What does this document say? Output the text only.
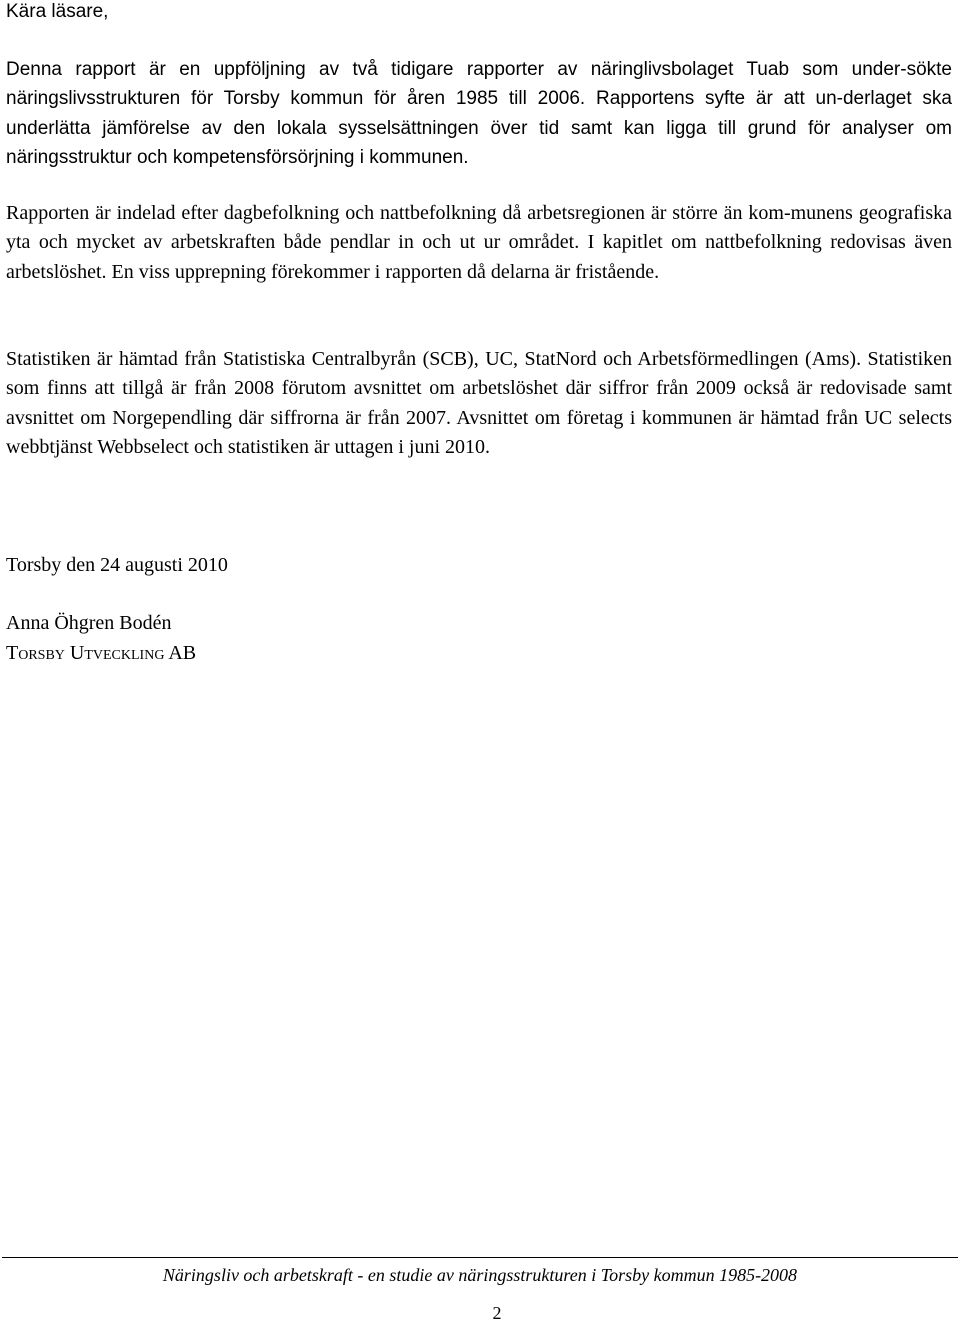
Kära läsare,

Denna rapport är en uppföljning av två tidigare rapporter av näringlivsbolaget Tuab som under-sökte näringslivsstrukturen för Torsby kommun för åren 1985 till 2006. Rapportens syfte är att un-derlaget ska underlätta jämförelse av den lokala sysselsättningen över tid samt kan ligga till grund för analyser om näringsstruktur och kompetensförsörjning i kommunen.

Rapporten är indelad efter dagbefolkning och nattbefolkning då arbetsregionen är större än kom-munens geografiska yta och mycket av arbetskraften både pendlar in och ut ur området. I kapitlet om nattbefolkning redovisas även arbetslöshet. En viss upprepning förekommer i rapporten då delarna är fristående.

Statistiken är hämtad från Statistiska Centralbyrån (SCB), UC, StatNord och Arbetsförmedlingen (Ams). Statistiken som finns att tillgå är från 2008 förutom avsnittet om arbetslöshet där siffror från 2009 också är redovisade samt avsnittet om Norgependling där siffrorna är från 2007. Avsnittet om företag i kommunen är hämtad från UC selects webbtjänst Webbselect och statistiken är uttagen i juni 2010.

Torsby den 24 augusti 2010

Anna Öhgren Bodén

Torsby Utveckling AB

Näringsliv och arbetskraft - en studie av näringsstrukturen i Torsby kommun 1985-2008

2
